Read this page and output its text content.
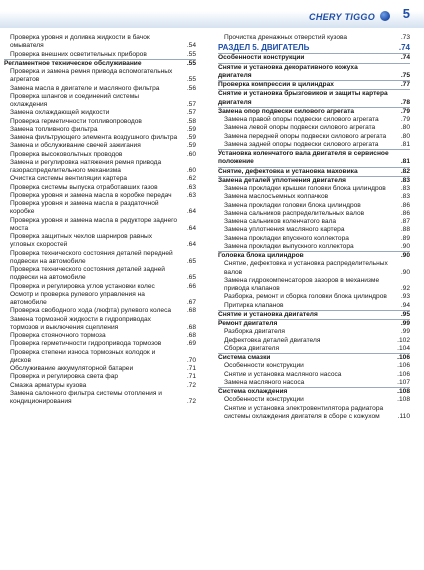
CHERY TIGGO 5
Проверка уровня и доливка жидкости в бачок омывателя	.54
Проверка внешних осветительных приборов	.55
Регламентное техническое обслуживание	.55
Проверка и замена ремня привода вспомогательных агрегатов	.55
Замена масла в двигателе и масляного фильтра	.56
Проверка шлангов и соединений системы охлаждения	.57
Замена охлаждающей жидкости	.57
Проверка герметичности топливопроводов	.58
Замена топливного фильтра	.59
Замена фильтрующего элемента воздушного фильтра .59
Замена и обслуживание свечей зажигания	.59
Проверка высоковольтных проводов	.60
Замена и регулировка натяжения ремня привода газораспределительного механизма	.60
Очистка системы вентиляции картера	.62
Проверка системы выпуска отработавших газов	.63
Проверка уровня и замена масла в коробке передач .63
Проверка уровня и замена масла в раздаточной коробке	.64
Проверка уровня и замена масла в редукторе заднего моста	.64
Проверка защитных чехлов шарниров равных угловых скоростей	.64
Проверка технического состояния деталей передней подвески на автомобиле	.65
Проверка технического состояния деталей задней подвески на автомобиле	.65
Проверка и регулировка углов установки колес	.66
Осмотр и проверка рулевого управления на автомобиле	.67
Проверка свободного хода (люфта) рулевого колеса .68
Замена тормозной жидкости в гидроприводах тормозов и выключения сцепления	.68
Проверка стояночного тормоза	.68
Проверка герметичности гидропривода тормозов	.69
Проверка степени износа тормозных колодок и дисков	.70
Обслуживание аккумуляторной батареи	.71
Проверка и регулировка света фар	.71
Смазка арматуры кузова	.72
Замена салонного фильтра системы отопления и кондиционирования	.72
Прочистка дренажных отверстий кузова	.73
РАЗДЕЛ 5. ДВИГАТЕЛЬ	.74
Особенности конструкции	.74
Снятие и установка декоративного кожуха двигателя	.75
Проверка компрессии в цилиндрах	.77
Снятие и установка брызговиков и защиты картера двигателя	.78
Замена опор подвески силового агрегата	.79
Замена правой опоры подвески силового агрегата	.79
Замена левой опоры подвески силового агрегата	.80
Замена передней опоры подвески силового агрегата .80
Замена задней опоры подвески силового агрегата	.81
Установка коленчатого вала двигателя в сервисное положение	.81
Снятие, дефектовка и установка маховика	.82
Замена деталей уплотнения двигателя	.83
Замена прокладки крышки головки блока цилиндров .83
Замена маслосъемных колпачков	.83
Замена прокладки головки блока цилиндров	.86
Замена сальников распределительных валов	.86
Замена сальников коленчатого вала	.87
Замена уплотнения масляного картера	.88
Замена прокладки впускного коллектора	.89
Замена прокладки выпускного коллектора	.90
Головка блока цилиндров	.90
Снятие, дефектовка и установка распределительных валов	.90
Замена гидрокомпенсаторов зазоров в механизме привода клапанов	.92
Разборка, ремонт и сборка головки блока цилиндров .93
Притирка клапанов	.94
Снятие и установка двигателя	.95
Ремонт двигателя	.99
Разборка двигателя	.99
Дефектовка деталей двигателя	.102
Сборка двигателя	.104
Система смазки	.106
Особенности конструкции	.106
Снятие и установка масляного насоса	.106
Замена масляного насоса	.107
Система охлаждения	.108
Особенности конструкции	.108
Снятие и установка электровентилятора радиатора системы охлаждения двигателя в сборе с кожухом	.110
